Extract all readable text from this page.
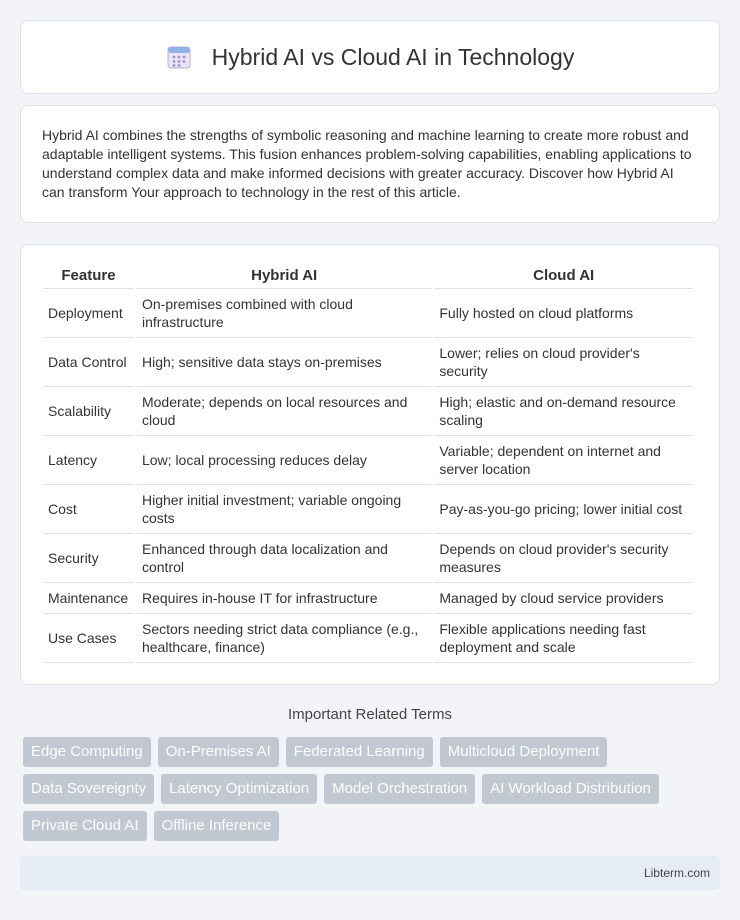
Hybrid AI vs Cloud AI in Technology

Hybrid AI combines the strengths of symbolic reasoning and machine learning to create more robust and adaptable intelligent systems. This fusion enhances problem-solving capabilities, enabling applications to understand complex data and make informed decisions with greater accuracy. Discover how Hybrid AI can transform Your approach to technology in the rest of this article.

Feature	Hybrid AI	Cloud AI
Deployment	On-premises combined with cloud infrastructure	Fully hosted on cloud platforms
Data Control	High; sensitive data stays on-premises	Lower; relies on cloud provider's security
Scalability	Moderate; depends on local resources and cloud	High; elastic and on-demand resource scaling
Latency	Low; local processing reduces delay	Variable; dependent on internet and server location
Cost	Higher initial investment; variable ongoing costs	Pay-as-you-go pricing; lower initial cost
Security	Enhanced through data localization and control	Depends on cloud provider's security measures
Maintenance	Requires in-house IT for infrastructure	Managed by cloud service providers
Use Cases	Sectors needing strict data compliance (e.g., healthcare, finance)	Flexible applications needing fast deployment and scale
Important Related Terms
Edge Computing	On-Premises AI	Federated Learning	Multicloud Deployment
Data Sovereignty	Latency Optimization	Model Orchestration	AI Workload Distribution
Private Cloud AI	Offline Inference
Libterm.com
